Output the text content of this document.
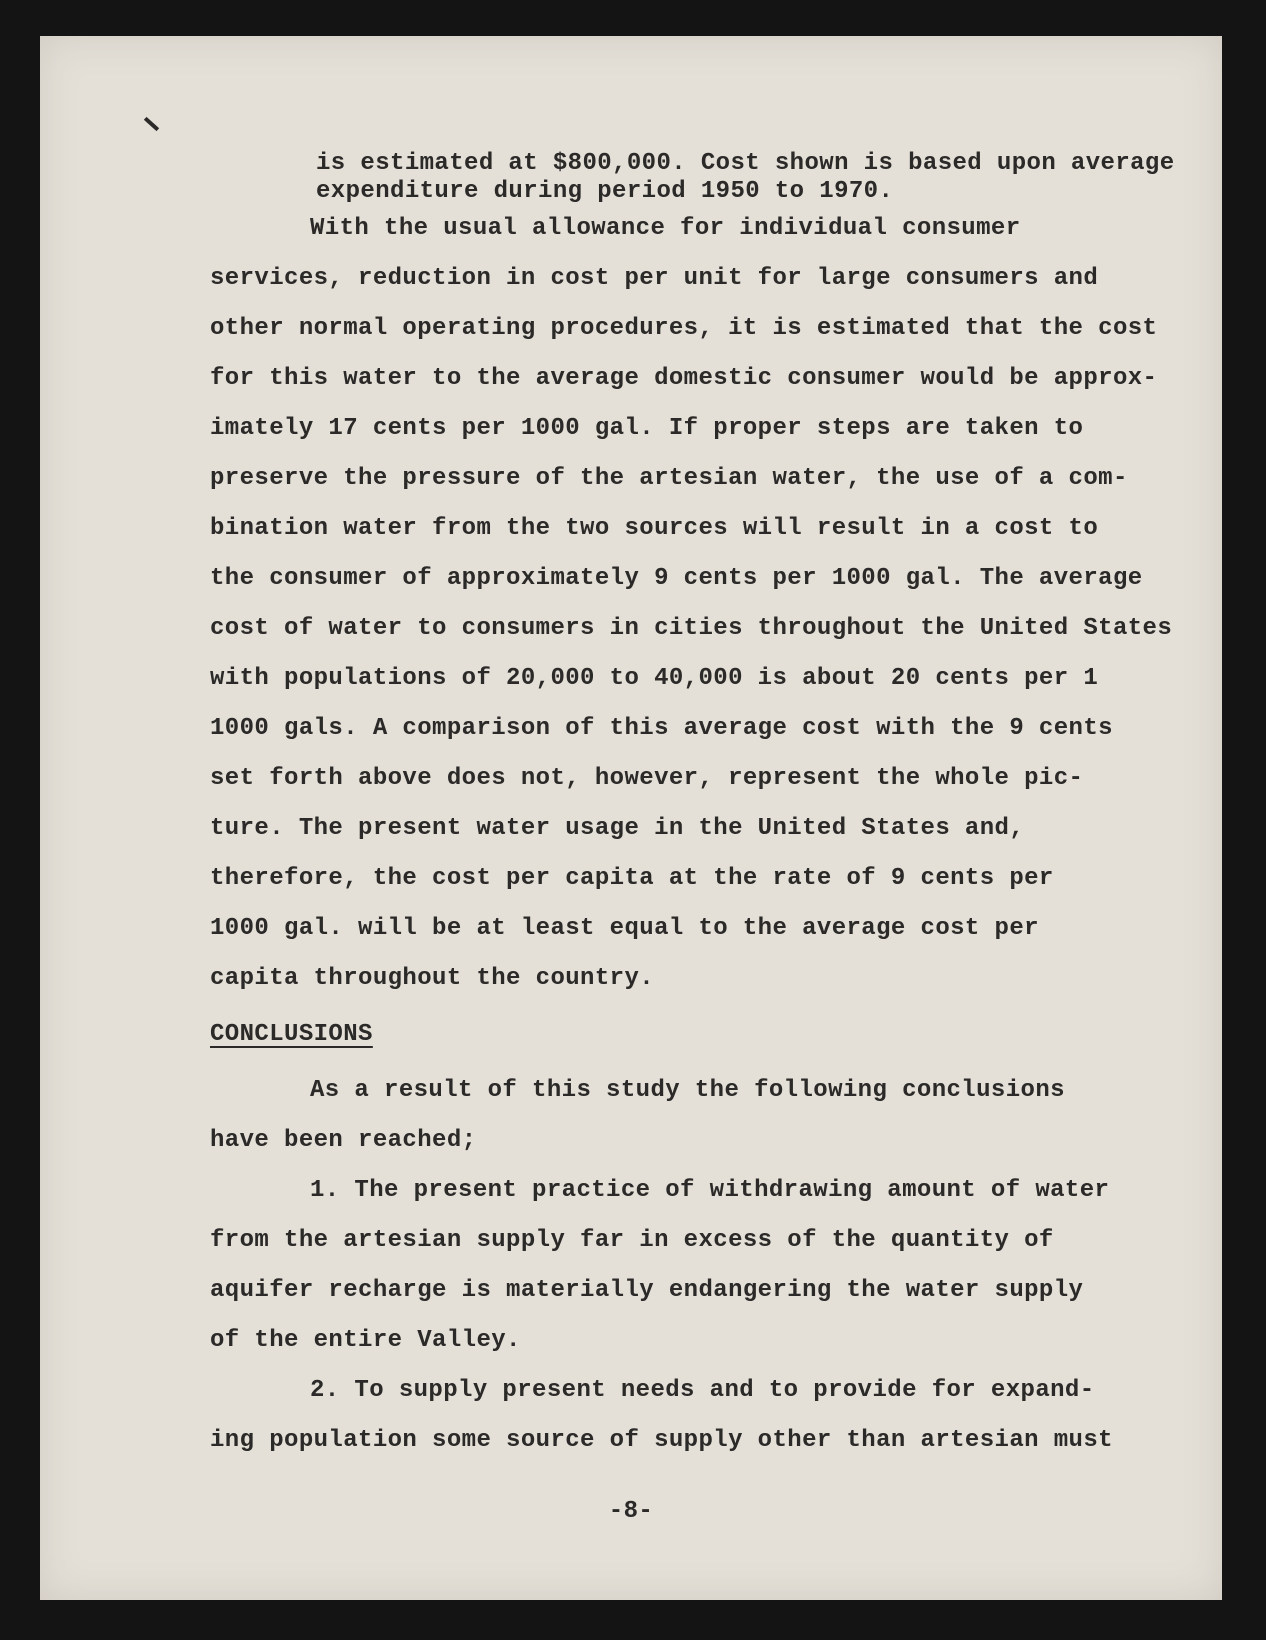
is estimated at $800,000. Cost shown is based upon average
expenditure during period 1950 to 1970.
With the usual allowance for individual consumer
services, reduction in cost per unit for large consumers and
other normal operating procedures, it is estimated that the cost
for this water to the average domestic consumer would be approx-
imately 17 cents per 1000 gal. If proper steps are taken to
preserve the pressure of the artesian water, the use of a com-
bination water from the two sources will result in a cost to
the consumer of approximately 9 cents per 1000 gal. The average
cost of water to consumers in cities throughout the United States
with populations of 20,000 to 40,000 is about 20 cents per 1
1000 gals. A comparison of this average cost with the 9 cents
set forth above does not, however, represent the whole pic-
ture. The present water usage in the United States and,
therefore, the cost per capita at the rate of 9 cents per
1000 gal. will be at least equal to the average cost per
capita throughout the country.
CONCLUSIONS
As a result of this study the following conclusions
have been reached;
1. The present practice of withdrawing amount of water
from the artesian supply far in excess of the quantity of
aquifer recharge is materially endangering the water supply
of the entire Valley.
2. To supply present needs and to provide for expand-
ing population some source of supply other than artesian must
-8-
